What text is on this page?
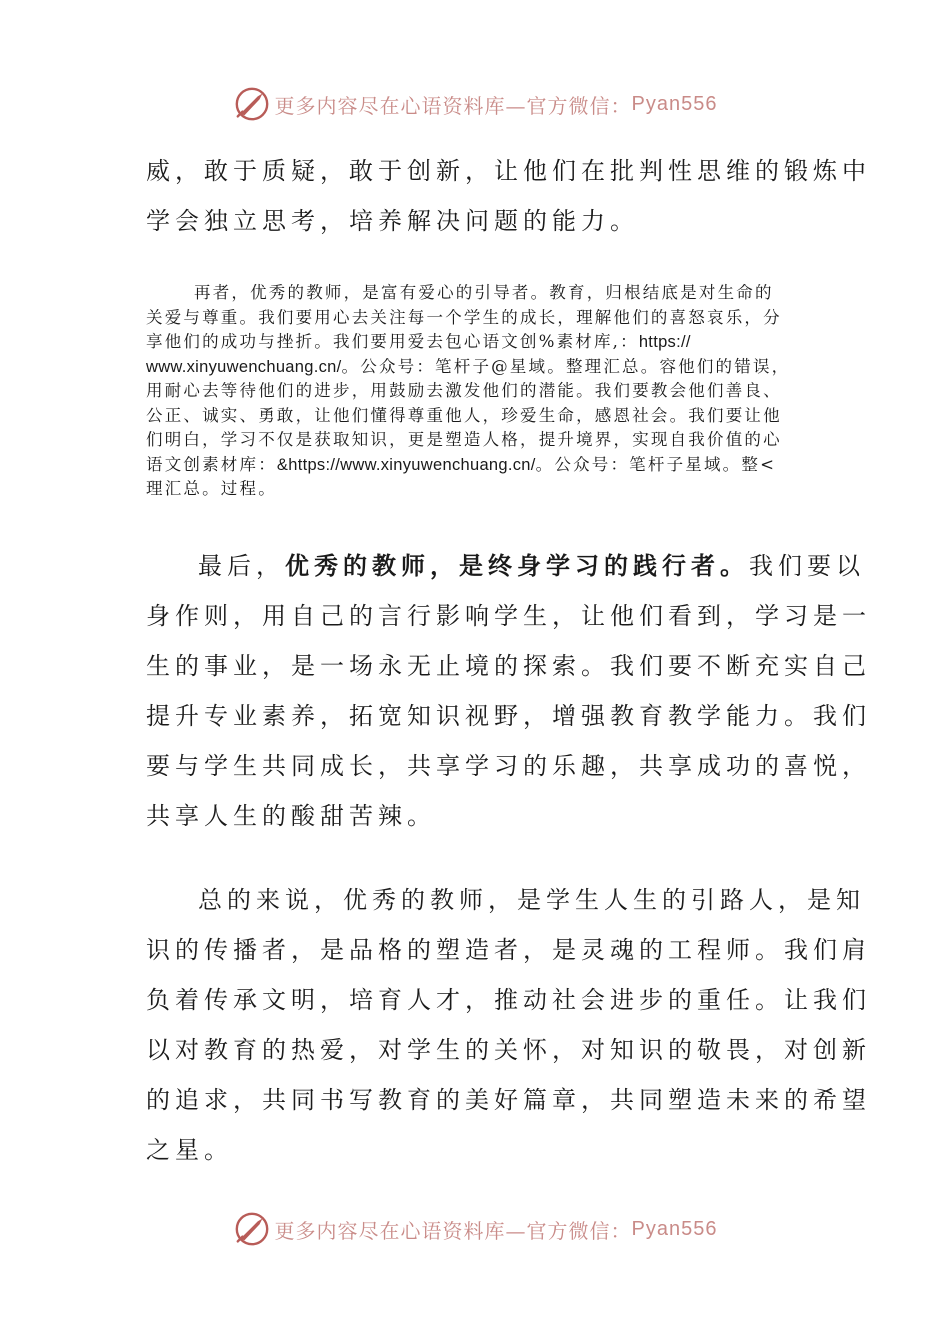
更多内容尽在心语资料库—官方微信： Pyan556
威，敢于质疑，敢于创新，让他们在批判性思维的锻炼中
学会独立思考，培养解决问题的能力。
再者，优秀的教师，是富有爱心的引导者。教育，归根结底是对生命的
关爱与尊重。我们要用心去关注每一个学生的成长，理解他们的喜怒哀乐，分
享他们的成功与挫折。我们要用爱去包心语文创%素材库,：https://
www.xinyuwenchuang.cn/。公众号：笔杆子@星域。整理汇总。容他们的错误，
用耐心去等待他们的进步，用鼓励去激发他们的潜能。我们要教会他们善良、
公正、诚实、勇敢，让他们懂得尊重他人，珍爱生命，感恩社会。我们要让他
们明白，学习不仅是获取知识，更是塑造人格，提升境界，实现自我价值的心
语文创素材库：&https://www.xinyuwenchuang.cn/。公众号：笔杆子星域。整<
理汇总。过程。
最后，优秀的教师，是终身学习的践行者。我们要以
身作则，用自己的言行影响学生，让他们看到，学习是一
生的事业，是一场永无止境的探索。我们要不断充实自己
提升专业素养，拓宽知识视野，增强教育教学能力。我们
要与学生共同成长，共享学习的乐趣，共享成功的喜悦，
共享人生的酸甜苦辣。
总的来说，优秀的教师，是学生人生的引路人，是知
识的传播者，是品格的塑造者，是灵魂的工程师。我们肩
负着传承文明，培育人才，推动社会进步的重任。让我们
以对教育的热爱，对学生的关怀，对知识的敬畏，对创新
的追求，共同书写教育的美好篇章，共同塑造未来的希望
之星。
更多内容尽在心语资料库—官方微信： Pyan556
